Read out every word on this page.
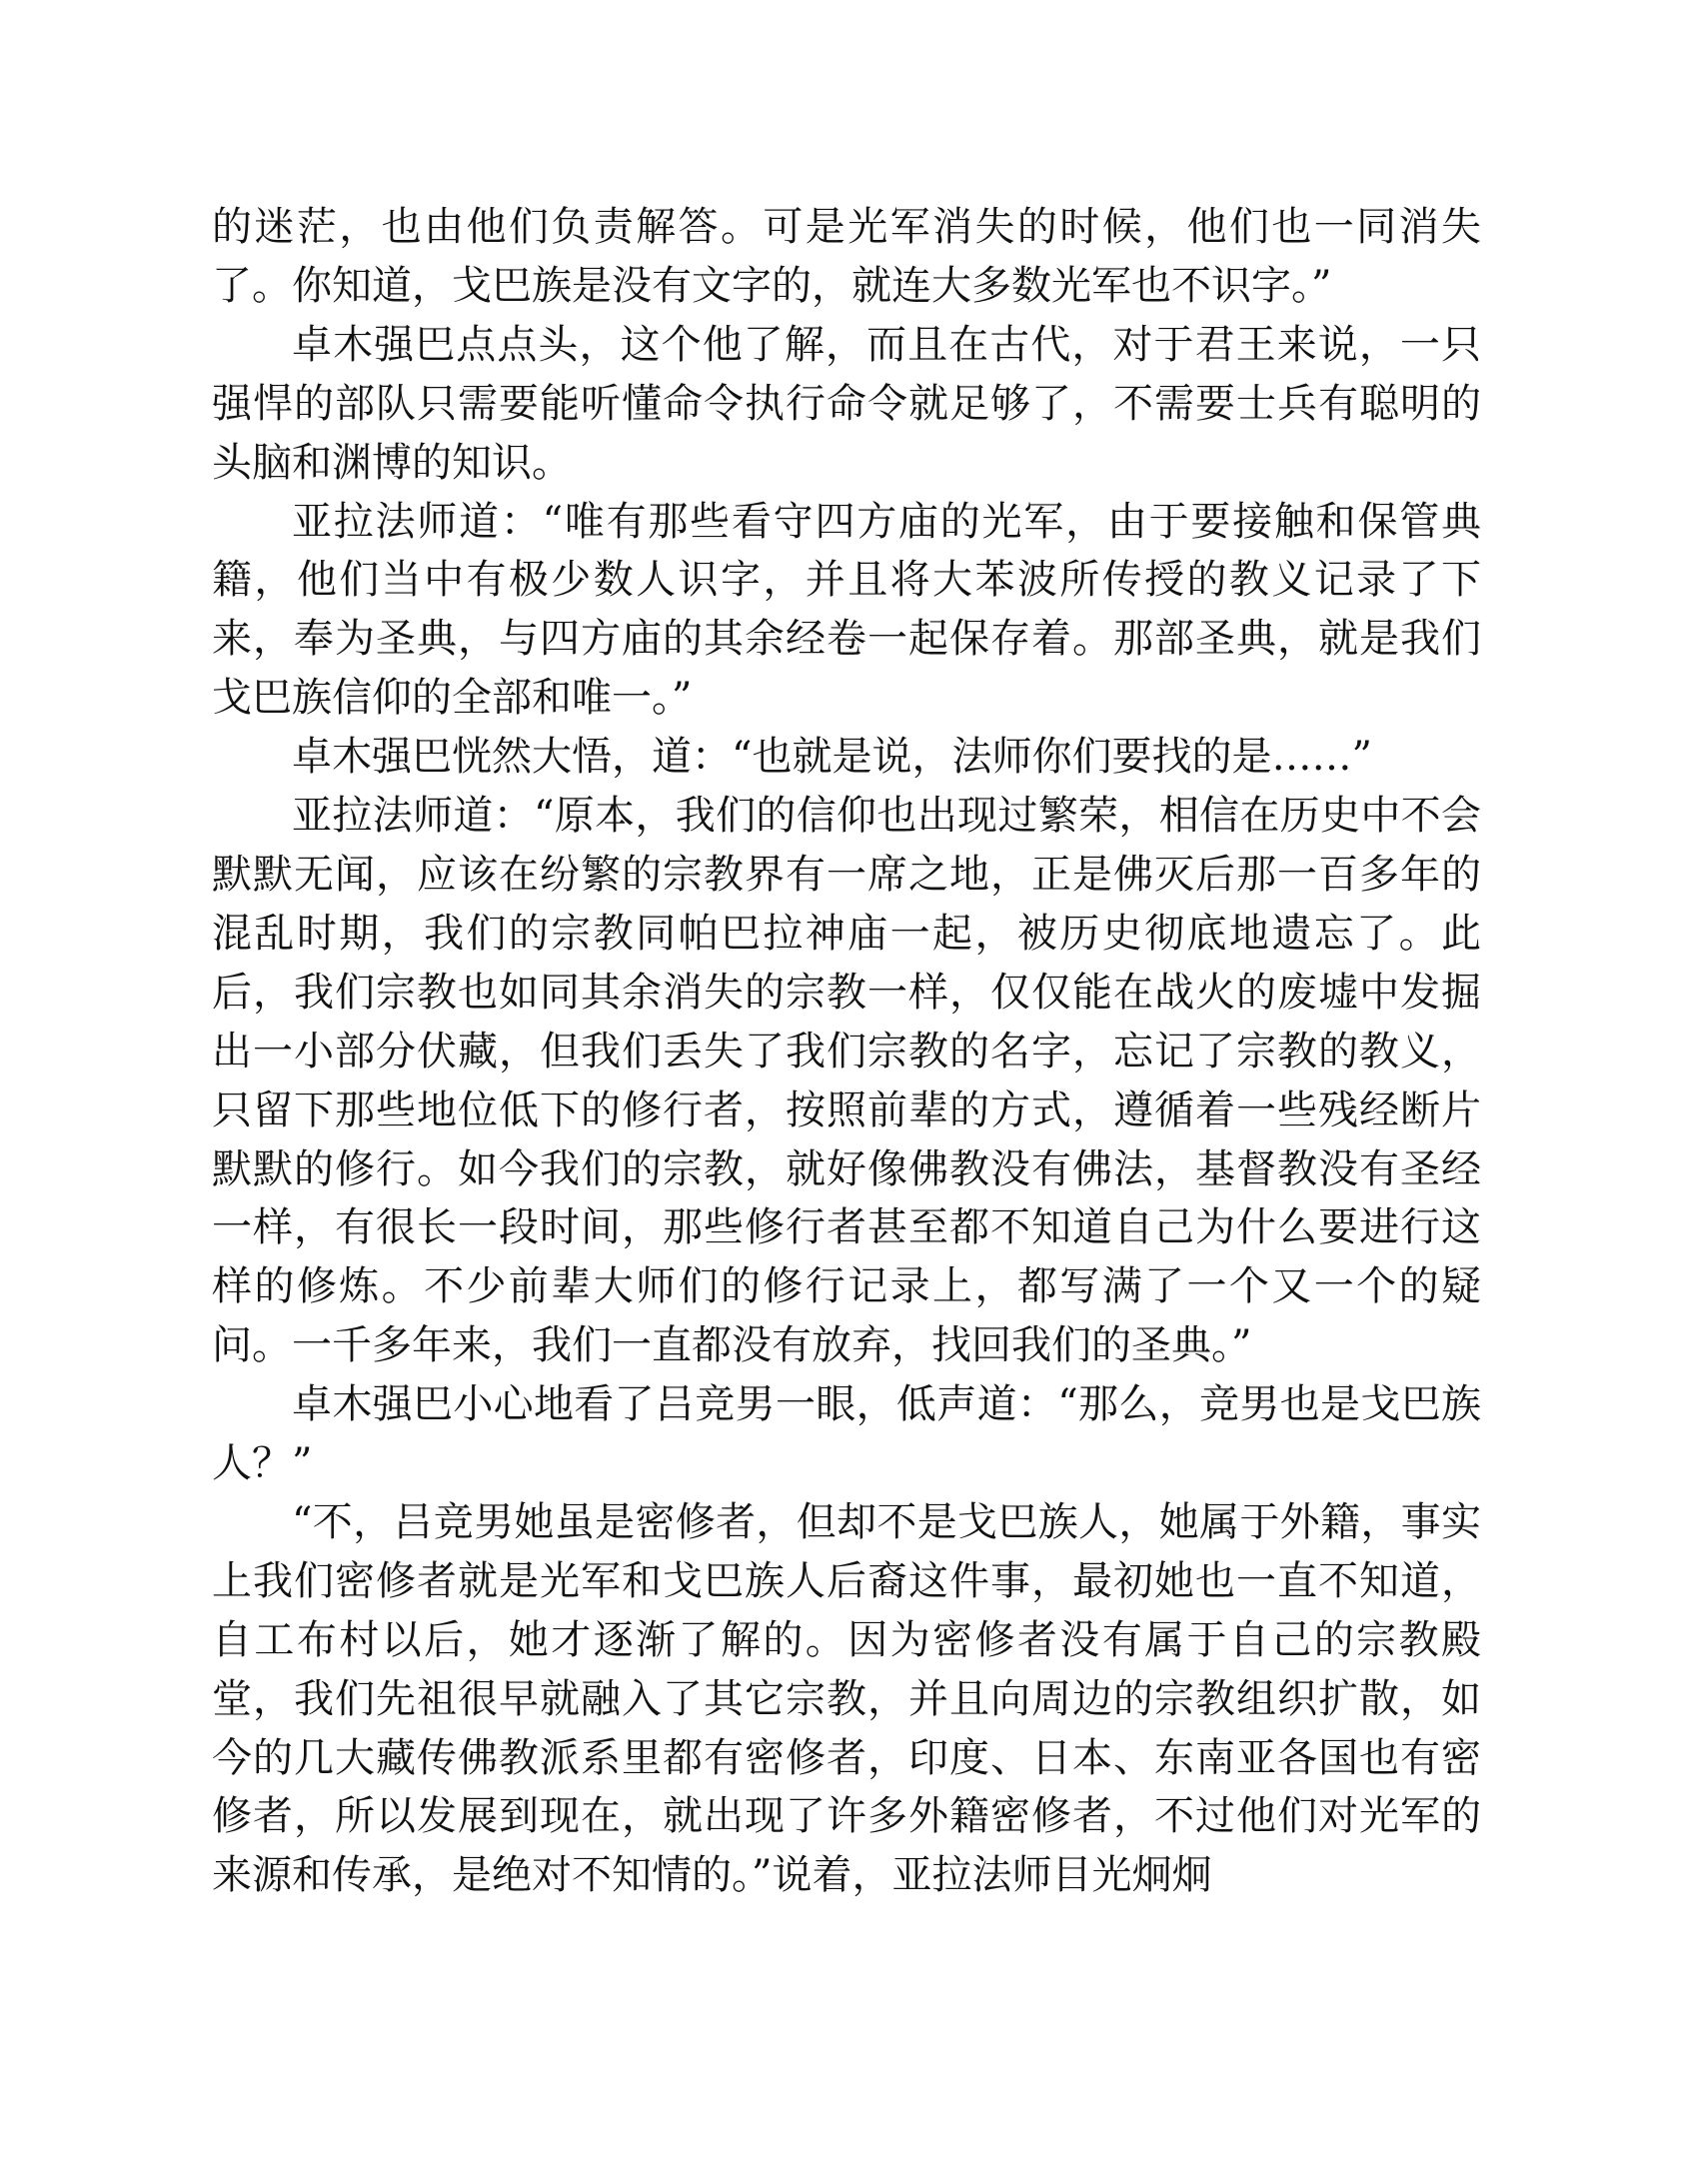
的迷茫，也由他们负责解答。可是光军消失的时候，他们也一同消失了。你知道，戈巴族是没有文字的，就连大多数光军也不识字。”

卓木强巴点点头，这个他了解，而且在古代，对于君王来说，一只强悍的部队只需要能听懂命令执行命令就足够了，不需要士兵有聪明的头脑和渊博的知识。

亚拉法师道：“唯有那些看守四方庙的光军，由于要接触和保管典籍，他们当中有极少数人识字，并且将大苯波所传授的教义记录了下来，奉为圣典，与四方庙的其余经卷一起保存着。那部圣典，就是我们戈巴族信仰的全部和唯一。”

卓木强巴恍然大悟，道：“也就是说，法师你们要找的是……”

亚拉法师道：“原本，我们的信仰也出现过繁荣，相信在历史中不会默默无闻，应该在纷繁的宗教界有一席之地，正是佛灭后那一百多年的混乱时期，我们的宗教同帕巴拉神庙一起，被历史彻底地遗忘了。此后，我们宗教也如同其余消失的宗教一样，仅仅能在战火的废墟中发掘出一小部分伏藏，但我们丢失了我们宗教的名字，忘记了宗教的教义，只留下那些地位低下的修行者，按照前辈的方式，遵循着一些残经断片默默的修行。如今我们的宗教，就好像佛教没有佛法，基督教没有圣经一样，有很长一段时间，那些修行者甚至都不知道自己为什么要进行这样的修炼。不少前辈大师们的修行记录上，都写满了一个又一个的疑问。一千多年来，我们一直都没有放弃，找回我们的圣典。”

卓木强巴小心地看了吕竞男一眼，低声道：“那么，竞男也是戈巴族人？”

“不，吕竞男她虽是密修者，但却不是戈巴族人，她属于外籍，事实上我们密修者就是光军和戈巴族人后裔这件事，最初她也一直不知道，自工布村以后，她才逐渐了解的。因为密修者没有属于自己的宗教殿堂，我们先祖很早就融入了其它宗教，并且向周边的宗教组织扩散，如今的几大藏传佛教派系里都有密修者，印度、日本、东南亚各国也有密修者，所以发展到现在，就出现了许多外籍密修者，不过他们对光军的来源和传承，是绝对不知情的。”说着，亚拉法师目光炯炯
